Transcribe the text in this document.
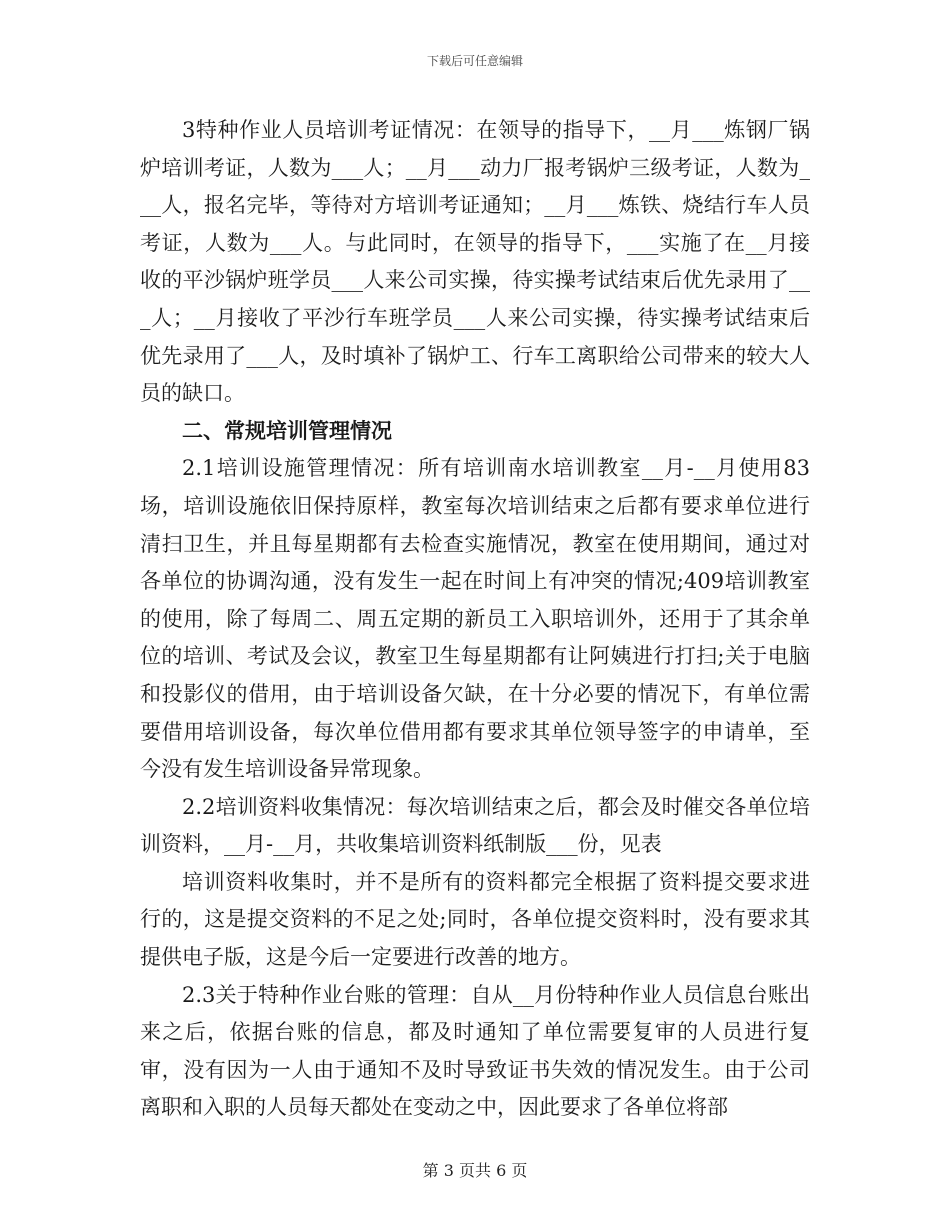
下载后可任意编辑

3特种作业人员培训考证情况：在领导的指导下，__月___炼钢厂锅炉培训考证，人数为___人；__月___动力厂报考锅炉三级考证，人数为___人，报名完毕，等待对方培训考证通知；__月___炼铁、烧结行车人员考证，人数为___人。与此同时，在领导的指导下，___实施了在__月接收的平沙锅炉班学员___人来公司实操，待实操考试结束后优先录用了___人；__月接收了平沙行车班学员___人来公司实操，待实操考试结束后优先录用了___人，及时填补了锅炉工、行车工离职给公司带来的较大人员的缺口。

二、常规培训管理情况

2.1培训设施管理情况：所有培训南水培训教室__月-__月使用83场，培训设施依旧保持原样，教室每次培训结束之后都有要求单位进行清扫卫生，并且每星期都有去检查实施情况，教室在使用期间，通过对各单位的协调沟通，没有发生一起在时间上有冲突的情况;409培训教室的使用，除了每周二、周五定期的新员工入职培训外，还用于了其余单位的培训、考试及会议，教室卫生每星期都有让阿姨进行打扫;关于电脑和投影仪的借用，由于培训设备欠缺，在十分必要的情况下，有单位需要借用培训设备，每次单位借用都有要求其单位领导签字的申请单，至今没有发生培训设备异常现象。

2.2培训资料收集情况：每次培训结束之后，都会及时催交各单位培训资料，__月-__月，共收集培训资料纸制版___份，见表

培训资料收集时，并不是所有的资料都完全根据了资料提交要求进行的，这是提交资料的不足之处;同时，各单位提交资料时，没有要求其提供电子版，这是今后一定要进行改善的地方。

2.3关于特种作业台账的管理：自从__月份特种作业人员信息台账出来之后，依据台账的信息，都及时通知了单位需要复审的人员进行复审，没有因为一人由于通知不及时导致证书失效的情况发生。由于公司离职和入职的人员每天都处在变动之中，因此要求了各单位将部

第 3 页共 6 页
